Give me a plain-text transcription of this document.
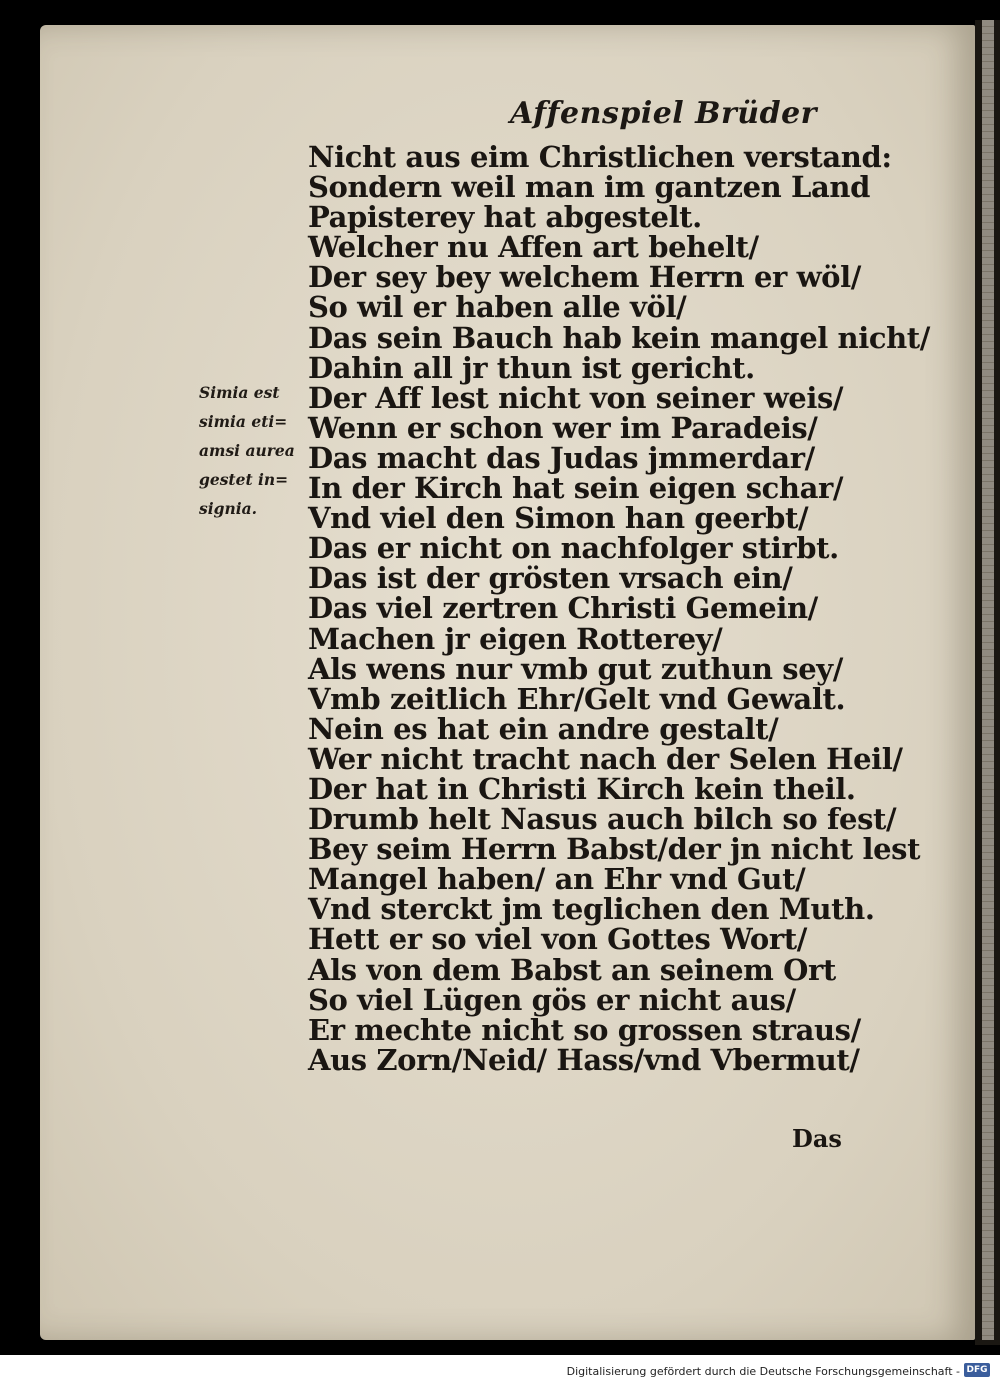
Affenspiel Brüder
Simia est
simia eti=
amsi aurea
gestet in=
signia.
Nicht aus eim Christlichen verstand:
Sondern weil man im gantzen Land
Papisterey hat abgestelt.
Welcher nu Affen art behelt/
Der sey bey welchem Herrn er wöl/
So wil er haben alle völ/
Das sein Bauch hab kein mangel nicht/
Dahin all jr thun ist gericht.
Der Aff lest nicht von seiner weis/
Wenn er schon wer im Paradeis/
Das macht das Judas jmmerdar/
In der Kirch hat sein eigen schar/
Vnd viel den Simon han geerbt/
Das er nicht on nachfolger stirbt.
Das ist der grösten vrsach ein/
Das viel zertren Christi Gemein/
Machen jr eigen Rotterey/
Als wens nur vmb gut zuthun sey/
Vmb zeitlich Ehr/Gelt vnd Gewalt.
Nein es hat ein andre gestalt/
Wer nicht tracht nach der Selen Heil/
Der hat in Christi Kirch kein theil.
Drumb helt Nasus auch bilch so fest/
Bey seim Herrn Babst/der jn nicht lest
Mangel haben/ an Ehr vnd Gut/
Vnd sterckt jm teglichen den Muth.
Hett er so viel von Gottes Wort/
Als von dem Babst an seinem Ort
So viel Lügen gös er nicht aus/
Er mechte nicht so grossen straus/
Aus Zorn/Neid/ Hass/vnd Vbermut/
Das
Digitalisierung gefördert durch die Deutsche Forschungsgemeinschaft - DFG
